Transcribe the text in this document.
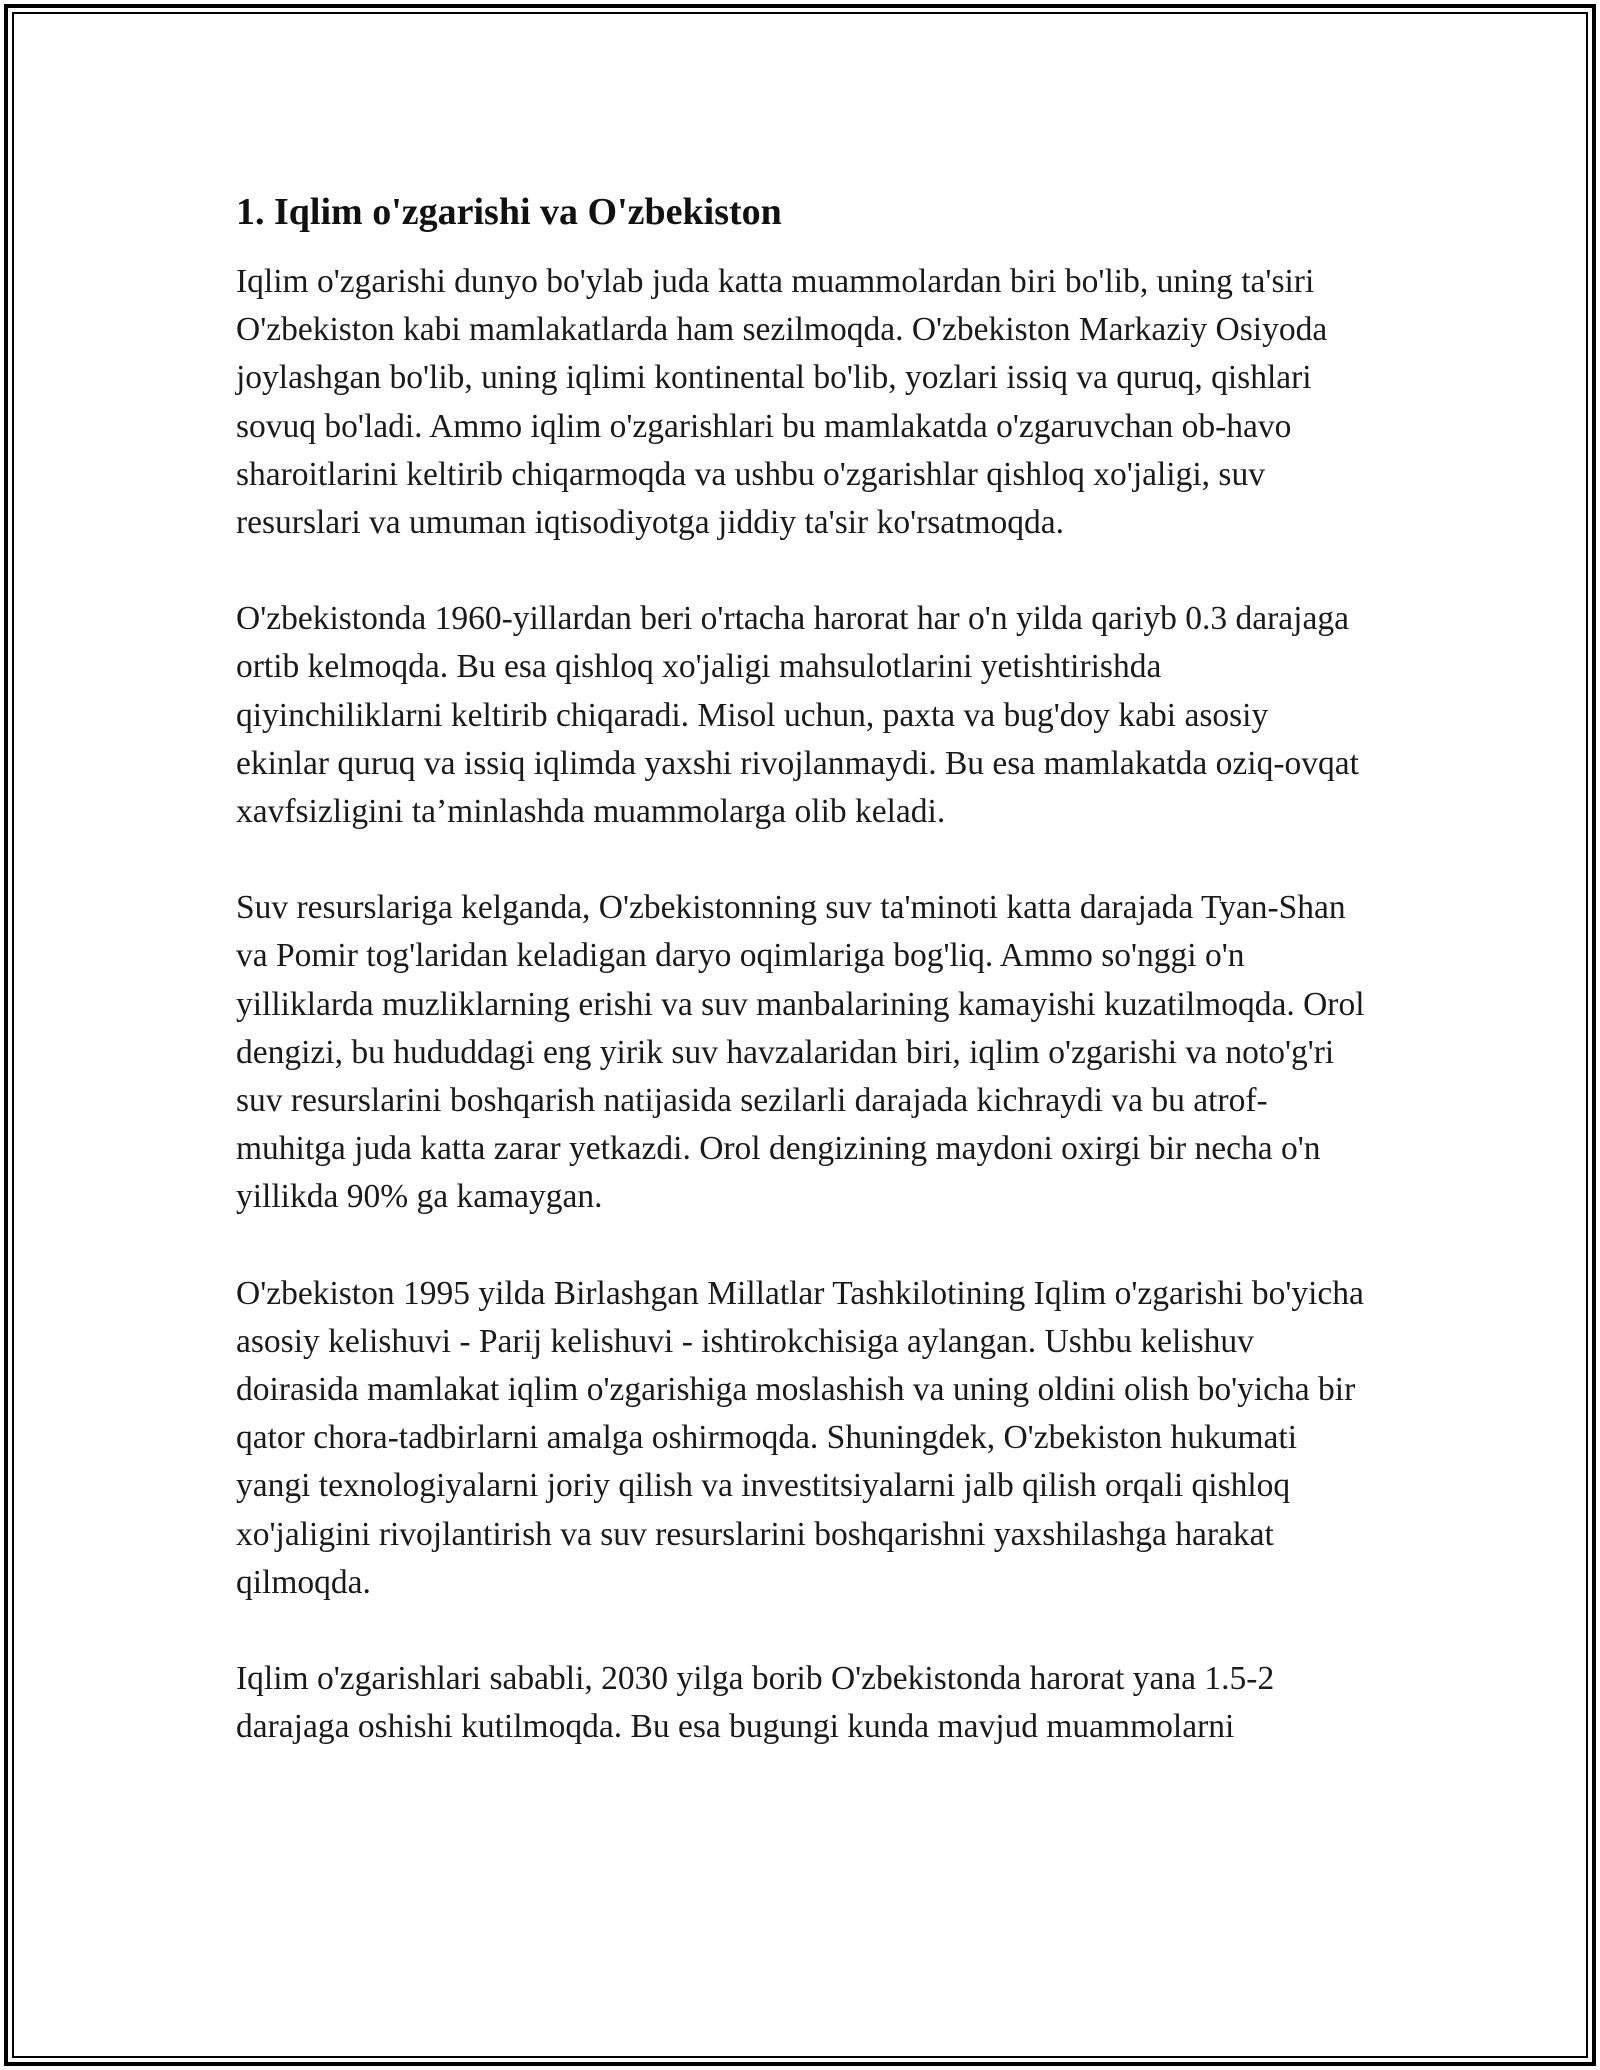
1. Iqlim o'zgarishi va O'zbekiston

Iqlim o'zgarishi dunyo bo'ylab juda katta muammolardan biri bo'lib, uning ta'siri O'zbekiston kabi mamlakatlarda ham sezilmoqda. O'zbekiston Markaziy Osiyoda joylashgan bo'lib, uning iqlimi kontinental bo'lib, yozlari issiq va quruq, qishlari sovuq bo'ladi. Ammo iqlim o'zgarishlari bu mamlakatda o'zgaruvchan ob-havo sharoitlarini keltirib chiqarmoqda va ushbu o'zgarishlar qishloq xo'jaligi, suv resurslari va umuman iqtisodiyotga jiddiy ta'sir ko'rsatmoqda.

O'zbekistonda 1960-yillardan beri o'rtacha harorat har o'n yilda qariyb 0.3 darajaga ortib kelmoqda. Bu esa qishloq xo'jaligi mahsulotlarini yetishtirishda qiyinchiliklarni keltirib chiqaradi. Misol uchun, paxta va bug'doy kabi asosiy ekinlar quruq va issiq iqlimda yaxshi rivojlanmaydi. Bu esa mamlakatda oziq-ovqat xavfsizligini ta’minlashda muammolarga olib keladi.

Suv resurslariga kelganda, O'zbekistonning suv ta'minoti katta darajada Tyan-Shan va Pomir tog'laridan keladigan daryo oqimlariga bog'liq. Ammo so'nggi o'n yilliklarda muzliklarning erishi va suv manbalarining kamayishi kuzatilmoqda. Orol dengizi, bu hududdagi eng yirik suv havzalaridan biri, iqlim o'zgarishi va noto'g'ri suv resurslarini boshqarish natijasida sezilarli darajada kichraydi va bu atrof-muhitga juda katta zarar yetkazdi. Orol dengizining maydoni oxirgi bir necha o'n yillikda 90% ga kamaygan.

O'zbekiston 1995 yilda Birlashgan Millatlar Tashkilotining Iqlim o'zgarishi bo'yicha asosiy kelishuvi - Parij kelishuvi - ishtirokchisiga aylangan. Ushbu kelishuv doirasida mamlakat iqlim o'zgarishiga moslashish va uning oldini olish bo'yicha bir qator chora-tadbirlarni amalga oshirmoqda. Shuningdek, O'zbekiston hukumati yangi texnologiyalarni joriy qilish va investitsiyalarni jalb qilish orqali qishloq xo'jaligini rivojlantirish va suv resurslarini boshqarishni yaxshilashga harakat qilmoqda.

Iqlim o'zgarishlari sababli, 2030 yilga borib O'zbekistonda harorat yana 1.5-2 darajaga oshishi kutilmoqda. Bu esa bugungi kunda mavjud muammolarni
